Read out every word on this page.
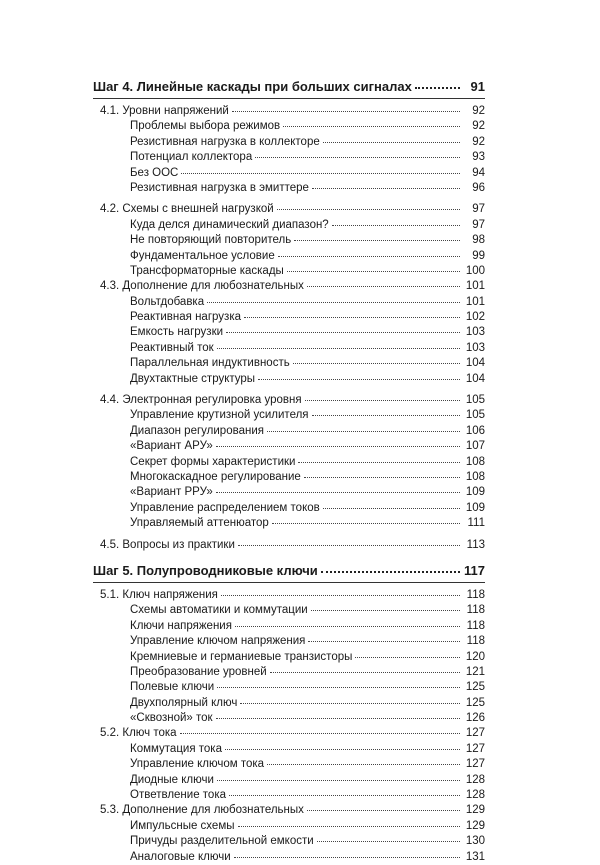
Шаг 4. Линейные каскады при больших сигналах	91
4.1. Уровни напряжений	92
Проблемы выбора режимов	92
Резистивная нагрузка в коллекторе	92
Потенциал коллектора	93
Без ООС	94
Резистивная нагрузка в эмиттере	96
4.2. Схемы с внешней нагрузкой	97
Куда делся динамический диапазон?	97
Не повторяющий повторитель	98
Фундаментальное условие	99
Трансформаторные каскады	100
4.3. Дополнение для любознательных	101
Вольтдобавка	101
Реактивная нагрузка	102
Емкость нагрузки	103
Реактивный ток	103
Параллельная индуктивность	104
Двухтактные структуры	104
4.4. Электронная регулировка уровня	105
Управление крутизной усилителя	105
Диапазон регулирования	106
«Вариант АРУ»	107
Секрет формы характеристики	108
Многокаскадное регулирование	108
«Вариант РРУ»	109
Управление распределением токов	109
Управляемый аттенюатор	111
4.5. Вопросы из практики	113
Шаг 5. Полупроводниковые ключи	117
5.1. Ключ напряжения	118
Схемы автоматики и коммутации	118
Ключи напряжения	118
Управление ключом напряжения	118
Кремниевые и германиевые транзисторы	120
Преобразование уровней	121
Полевые ключи	125
Двухполярный ключ	125
«Сквозной» ток	126
5.2. Ключ тока	127
Коммутация тока	127
Управление ключом тока	127
Диодные ключи	128
Ответвление тока	128
5.3. Дополнение для любознательных	129
Импульсные схемы	129
Причуды разделительной емкости	130
Аналоговые ключи	131
